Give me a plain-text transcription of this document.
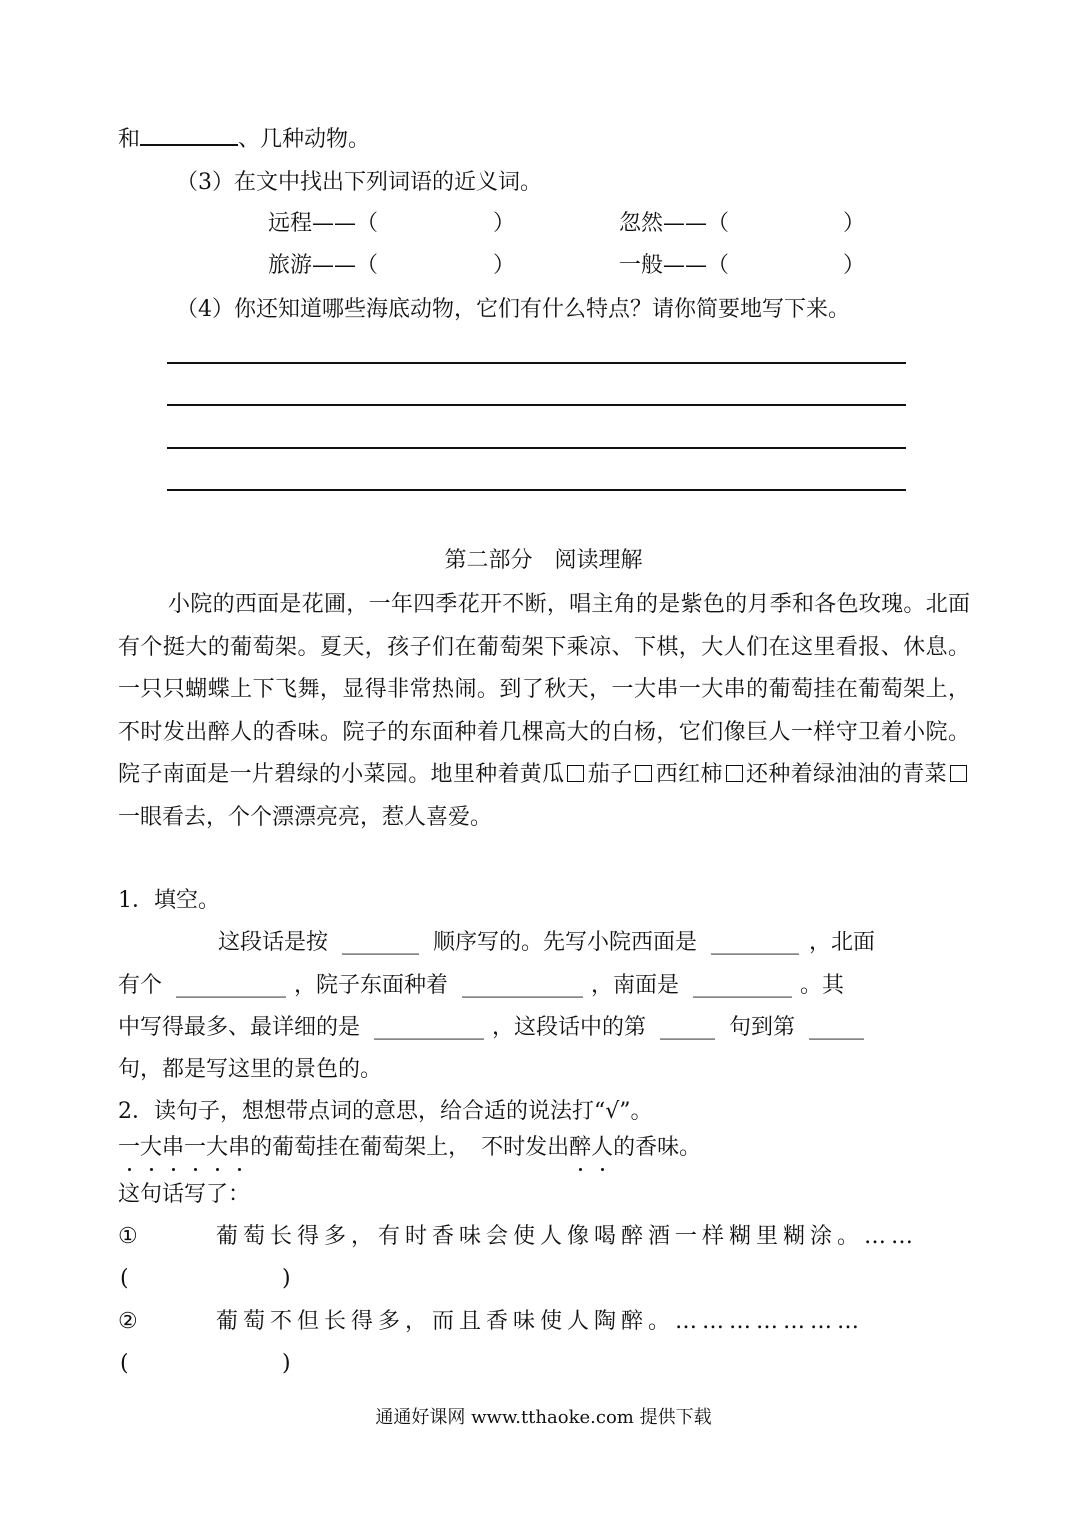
和	、几种动物。
（3）在文中找出下列词语的近义词。
远程——（	）	忽然——（	）
旅游——（	）	一般——（	）
（4）你还知道哪些海底动物，它们有什么特点？请你简要地写下来。
第二部分　阅读理解
小院的西面是花圃，一年四季花开不断，唱主角的是紫色的月季和各色玫瑰。北面有个挺大的葡萄架。夏天，孩子们在葡萄架下乘凉、下棋，大人们在这里看报、休息。一只只蝴蝶上下飞舞，显得非常热闹。到了秋天，一大串一大串的葡萄挂在葡萄架上，不时发出醉人的香味。院子的东面种着几棵高大的白杨，它们像巨人一样守卫着小院。院子南面是一片碧绿的小菜园。地里种着黄瓜 茄子 西红柿 还种着绿油油的青菜一眼看去，个个漂漂亮亮，惹人喜爱。
1．填空。
这段话是按 _______ 顺序写的。先写小院西面是 ________ ，北面
有个 __________ ，院子东面种着 ___________ ，南面是 _________ 。其
中写得最多、最详细的是 __________ ，这段话中的第 _____ 句到第 _____
句，都是写这里的景色的。
2．读句子，想想带点词的意思，给合适的说法打“√”。
一大串一大串的葡萄挂在葡萄架上，　不时发出醉人的香味。
这句话写了：
①	葡萄长得多，有时香味会使人像喝醉酒一样糊里糊涂。……
(	)
②	葡萄不但长得多，而且香味使人陶醉。…………………
(	)
通通好课网 www.tthaoke.com 提供下载
